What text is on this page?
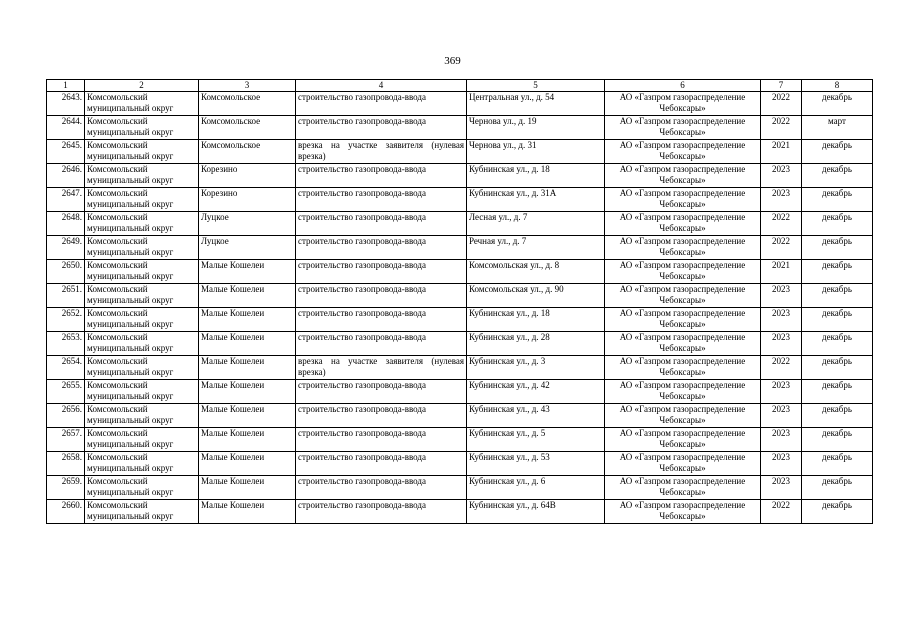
369
1	2	3	4	5	6	7	8
2643.	Комсомольский муниципальный округ	Комсомольское	строительство газопровода-ввода	Центральная ул., д. 54	АО «Газпром газораспределение Чебоксары»	2022	декабрь
2644.	Комсомольский муниципальный округ	Комсомольское	строительство газопровода-ввода	Чернова ул., д. 19	АО «Газпром газораспределение Чебоксары»	2022	март
2645.	Комсомольский муниципальный округ	Комсомольское	врезка на участке заявителя (нулевая врезка)	Чернова ул., д. 31	АО «Газпром газораспределение Чебоксары»	2021	декабрь
2646.	Комсомольский муниципальный округ	Корезино	строительство газопровода-ввода	Кубнинская ул., д. 18	АО «Газпром газораспределение Чебоксары»	2023	декабрь
2647.	Комсомольский муниципальный округ	Корезино	строительство газопровода-ввода	Кубнинская ул., д. 31А	АО «Газпром газораспределение Чебоксары»	2023	декабрь
2648.	Комсомольский муниципальный округ	Луцкое	строительство газопровода-ввода	Лесная ул., д. 7	АО «Газпром газораспределение Чебоксары»	2022	декабрь
2649.	Комсомольский муниципальный округ	Луцкое	строительство газопровода-ввода	Речная ул., д. 7	АО «Газпром газораспределение Чебоксары»	2022	декабрь
2650.	Комсомольский муниципальный округ	Малые Кошелеи	строительство газопровода-ввода	Комсомольская ул., д. 8	АО «Газпром газораспределение Чебоксары»	2021	декабрь
2651.	Комсомольский муниципальный округ	Малые Кошелеи	строительство газопровода-ввода	Комсомольская ул., д. 90	АО «Газпром газораспределение Чебоксары»	2023	декабрь
2652.	Комсомольский муниципальный округ	Малые Кошелеи	строительство газопровода-ввода	Кубнинская ул., д. 18	АО «Газпром газораспределение Чебоксары»	2023	декабрь
2653.	Комсомольский муниципальный округ	Малые Кошелеи	строительство газопровода-ввода	Кубнинская ул., д. 28	АО «Газпром газораспределение Чебоксары»	2023	декабрь
2654.	Комсомольский муниципальный округ	Малые Кошелеи	врезка на участке заявителя (нулевая врезка)	Кубнинская ул., д. 3	АО «Газпром газораспределение Чебоксары»	2022	декабрь
2655.	Комсомольский муниципальный округ	Малые Кошелеи	строительство газопровода-ввода	Кубнинская ул., д. 42	АО «Газпром газораспределение Чебоксары»	2023	декабрь
2656.	Комсомольский муниципальный округ	Малые Кошелеи	строительство газопровода-ввода	Кубнинская ул., д. 43	АО «Газпром газораспределение Чебоксары»	2023	декабрь
2657.	Комсомольский муниципальный округ	Малые Кошелеи	строительство газопровода-ввода	Кубнинская ул., д. 5	АО «Газпром газораспределение Чебоксары»	2023	декабрь
2658.	Комсомольский муниципальный округ	Малые Кошелеи	строительство газопровода-ввода	Кубнинская ул., д. 53	АО «Газпром газораспределение Чебоксары»	2023	декабрь
2659.	Комсомольский муниципальный округ	Малые Кошелеи	строительство газопровода-ввода	Кубнинская ул., д. 6	АО «Газпром газораспределение Чебоксары»	2023	декабрь
2660.	Комсомольский муниципальный округ	Малые Кошелеи	строительство газопровода-ввода	Кубнинская ул., д. 64В	АО «Газпром газораспределение Чебоксары»	2022	декабрь
